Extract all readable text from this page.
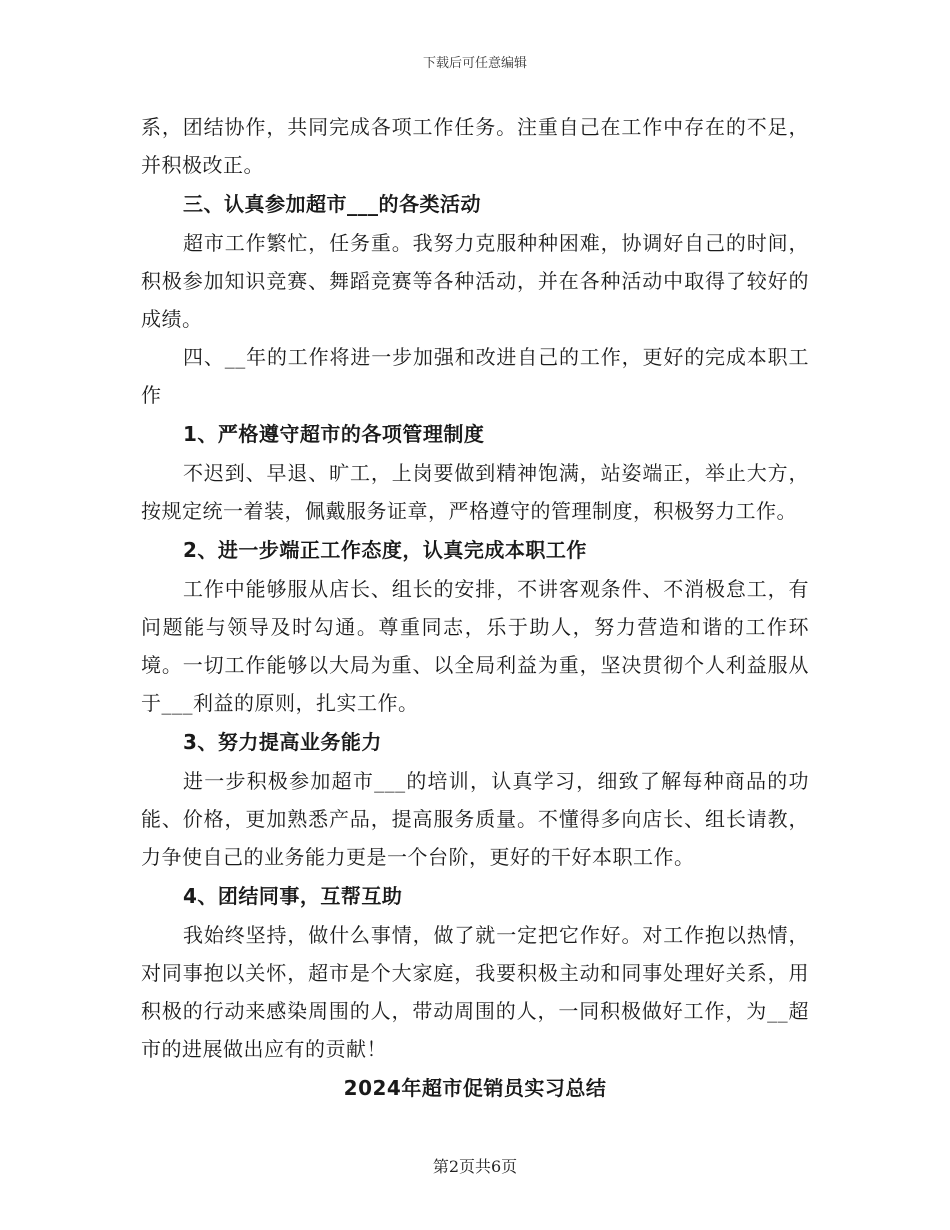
下载后可任意编辑

系，团结协作，共同完成各项工作任务。注重自己在工作中存在的不足，并积极改正。

三、认真参加超市___的各类活动

超市工作繁忙，任务重。我努力克服种种困难，协调好自己的时间，积极参加知识竞赛、舞蹈竞赛等各种活动，并在各种活动中取得了较好的成绩。

四、__年的工作将进一步加强和改进自己的工作，更好的完成本职工作

1、严格遵守超市的各项管理制度

不迟到、早退、旷工，上岗要做到精神饱满，站姿端正，举止大方，按规定统一着装，佩戴服务证章，严格遵守的管理制度，积极努力工作。

2、进一步端正工作态度，认真完成本职工作

工作中能够服从店长、组长的安排，不讲客观条件、不消极怠工，有问题能与领导及时勾通。尊重同志，乐于助人，努力营造和谐的工作环境。一切工作能够以大局为重、以全局利益为重，坚决贯彻个人利益服从于___利益的原则，扎实工作。

3、努力提高业务能力

进一步积极参加超市___的培训，认真学习，细致了解每种商品的功能、价格，更加熟悉产品，提高服务质量。不懂得多向店长、组长请教，力争使自己的业务能力更是一个台阶，更好的干好本职工作。

4、团结同事，互帮互助

我始终坚持，做什么事情，做了就一定把它作好。对工作抱以热情，对同事抱以关怀，超市是个大家庭，我要积极主动和同事处理好关系，用积极的行动来感染周围的人，带动周围的人，一同积极做好工作，为__超市的进展做出应有的贡献！

2024年超市促销员实习总结

第2页共6页
